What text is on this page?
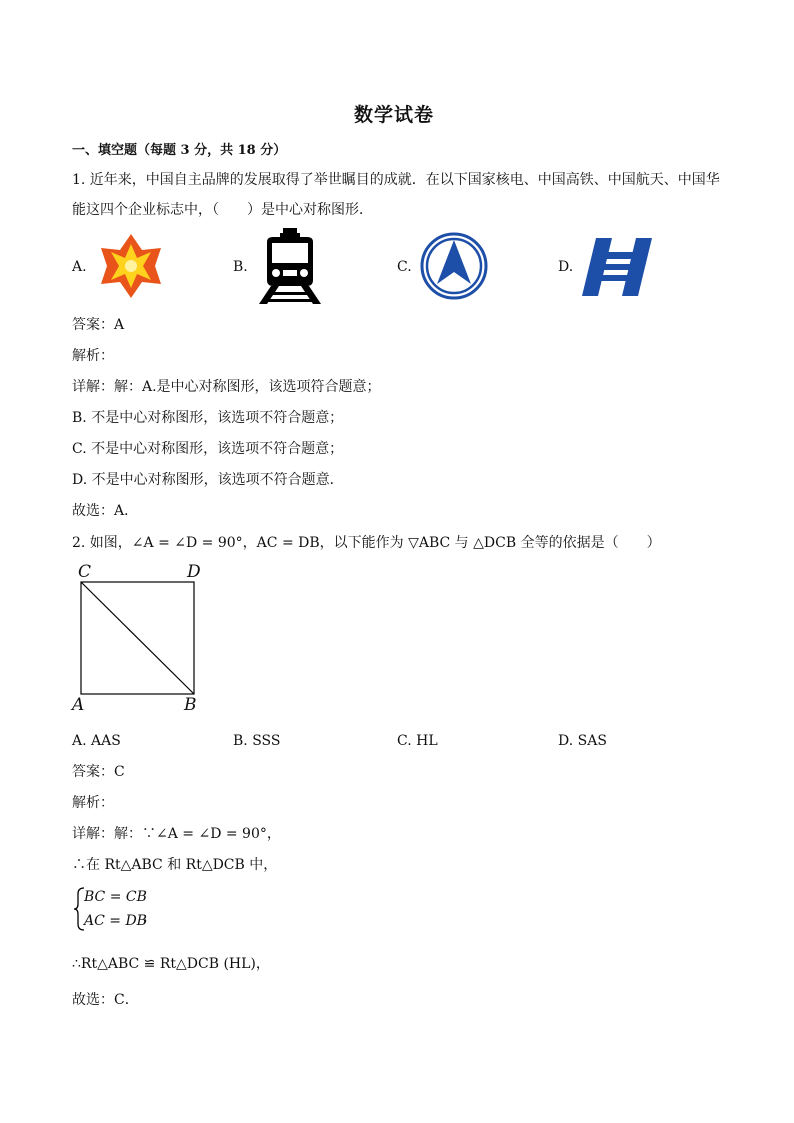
数学试卷
一、填空题（每题 3 分，共 18 分）
1. 近年来，中国自主品牌的发展取得了举世瞩目的成就．在以下国家核电、中国高铁、中国航天、中国华
能这四个企业标志中，（　　）是中心对称图形．
A.	B.	C.	D.
答案：A
解析：
详解：解：A.是中心对称图形，该选项符合题意；
B. 不是中心对称图形，该选项不符合题意；
C. 不是中心对称图形，该选项不符合题意；
D. 不是中心对称图形，该选项不符合题意．
故选：A．
2. 如图，∠A = ∠D = 90°，AC = DB，以下能作为 ▽ABC 与 △DCB 全等的依据是（　　）
C	D
A	B
A. AAS	B. SSS	C. HL	D. SAS
答案：C
解析：
详解：解：∵∠A = ∠D = 90°，
∴在 Rt△ABC 和 Rt△DCB 中，
BC = CB
AC = DB
，
∴Rt△ABC ≌ Rt△DCB (HL)，
故选：C．
